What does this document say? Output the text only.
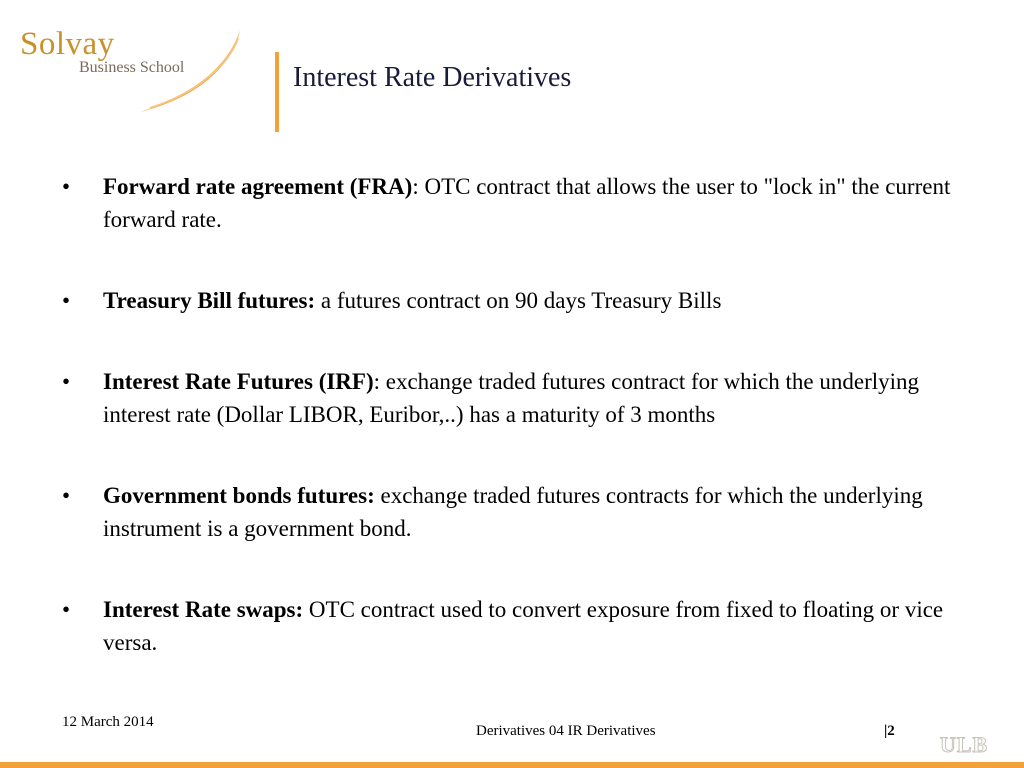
Solvay
Business School	Interest Rate Derivatives
• Forward rate agreement (FRA): OTC contract that allows the user to "lock in" the current forward rate.
• Treasury Bill futures: a futures contract on 90 days Treasury Bills
• Interest Rate Futures (IRF): exchange traded futures contract for which the underlying interest rate (Dollar LIBOR, Euribor,..) has a maturity of 3 months
• Government bonds futures: exchange traded futures contracts for which the underlying instrument is a government bond.
• Interest Rate swaps: OTC contract used to convert exposure from fixed to floating or vice versa.
12 March 2014
Derivatives 04 IR Derivatives	|2
ULB
